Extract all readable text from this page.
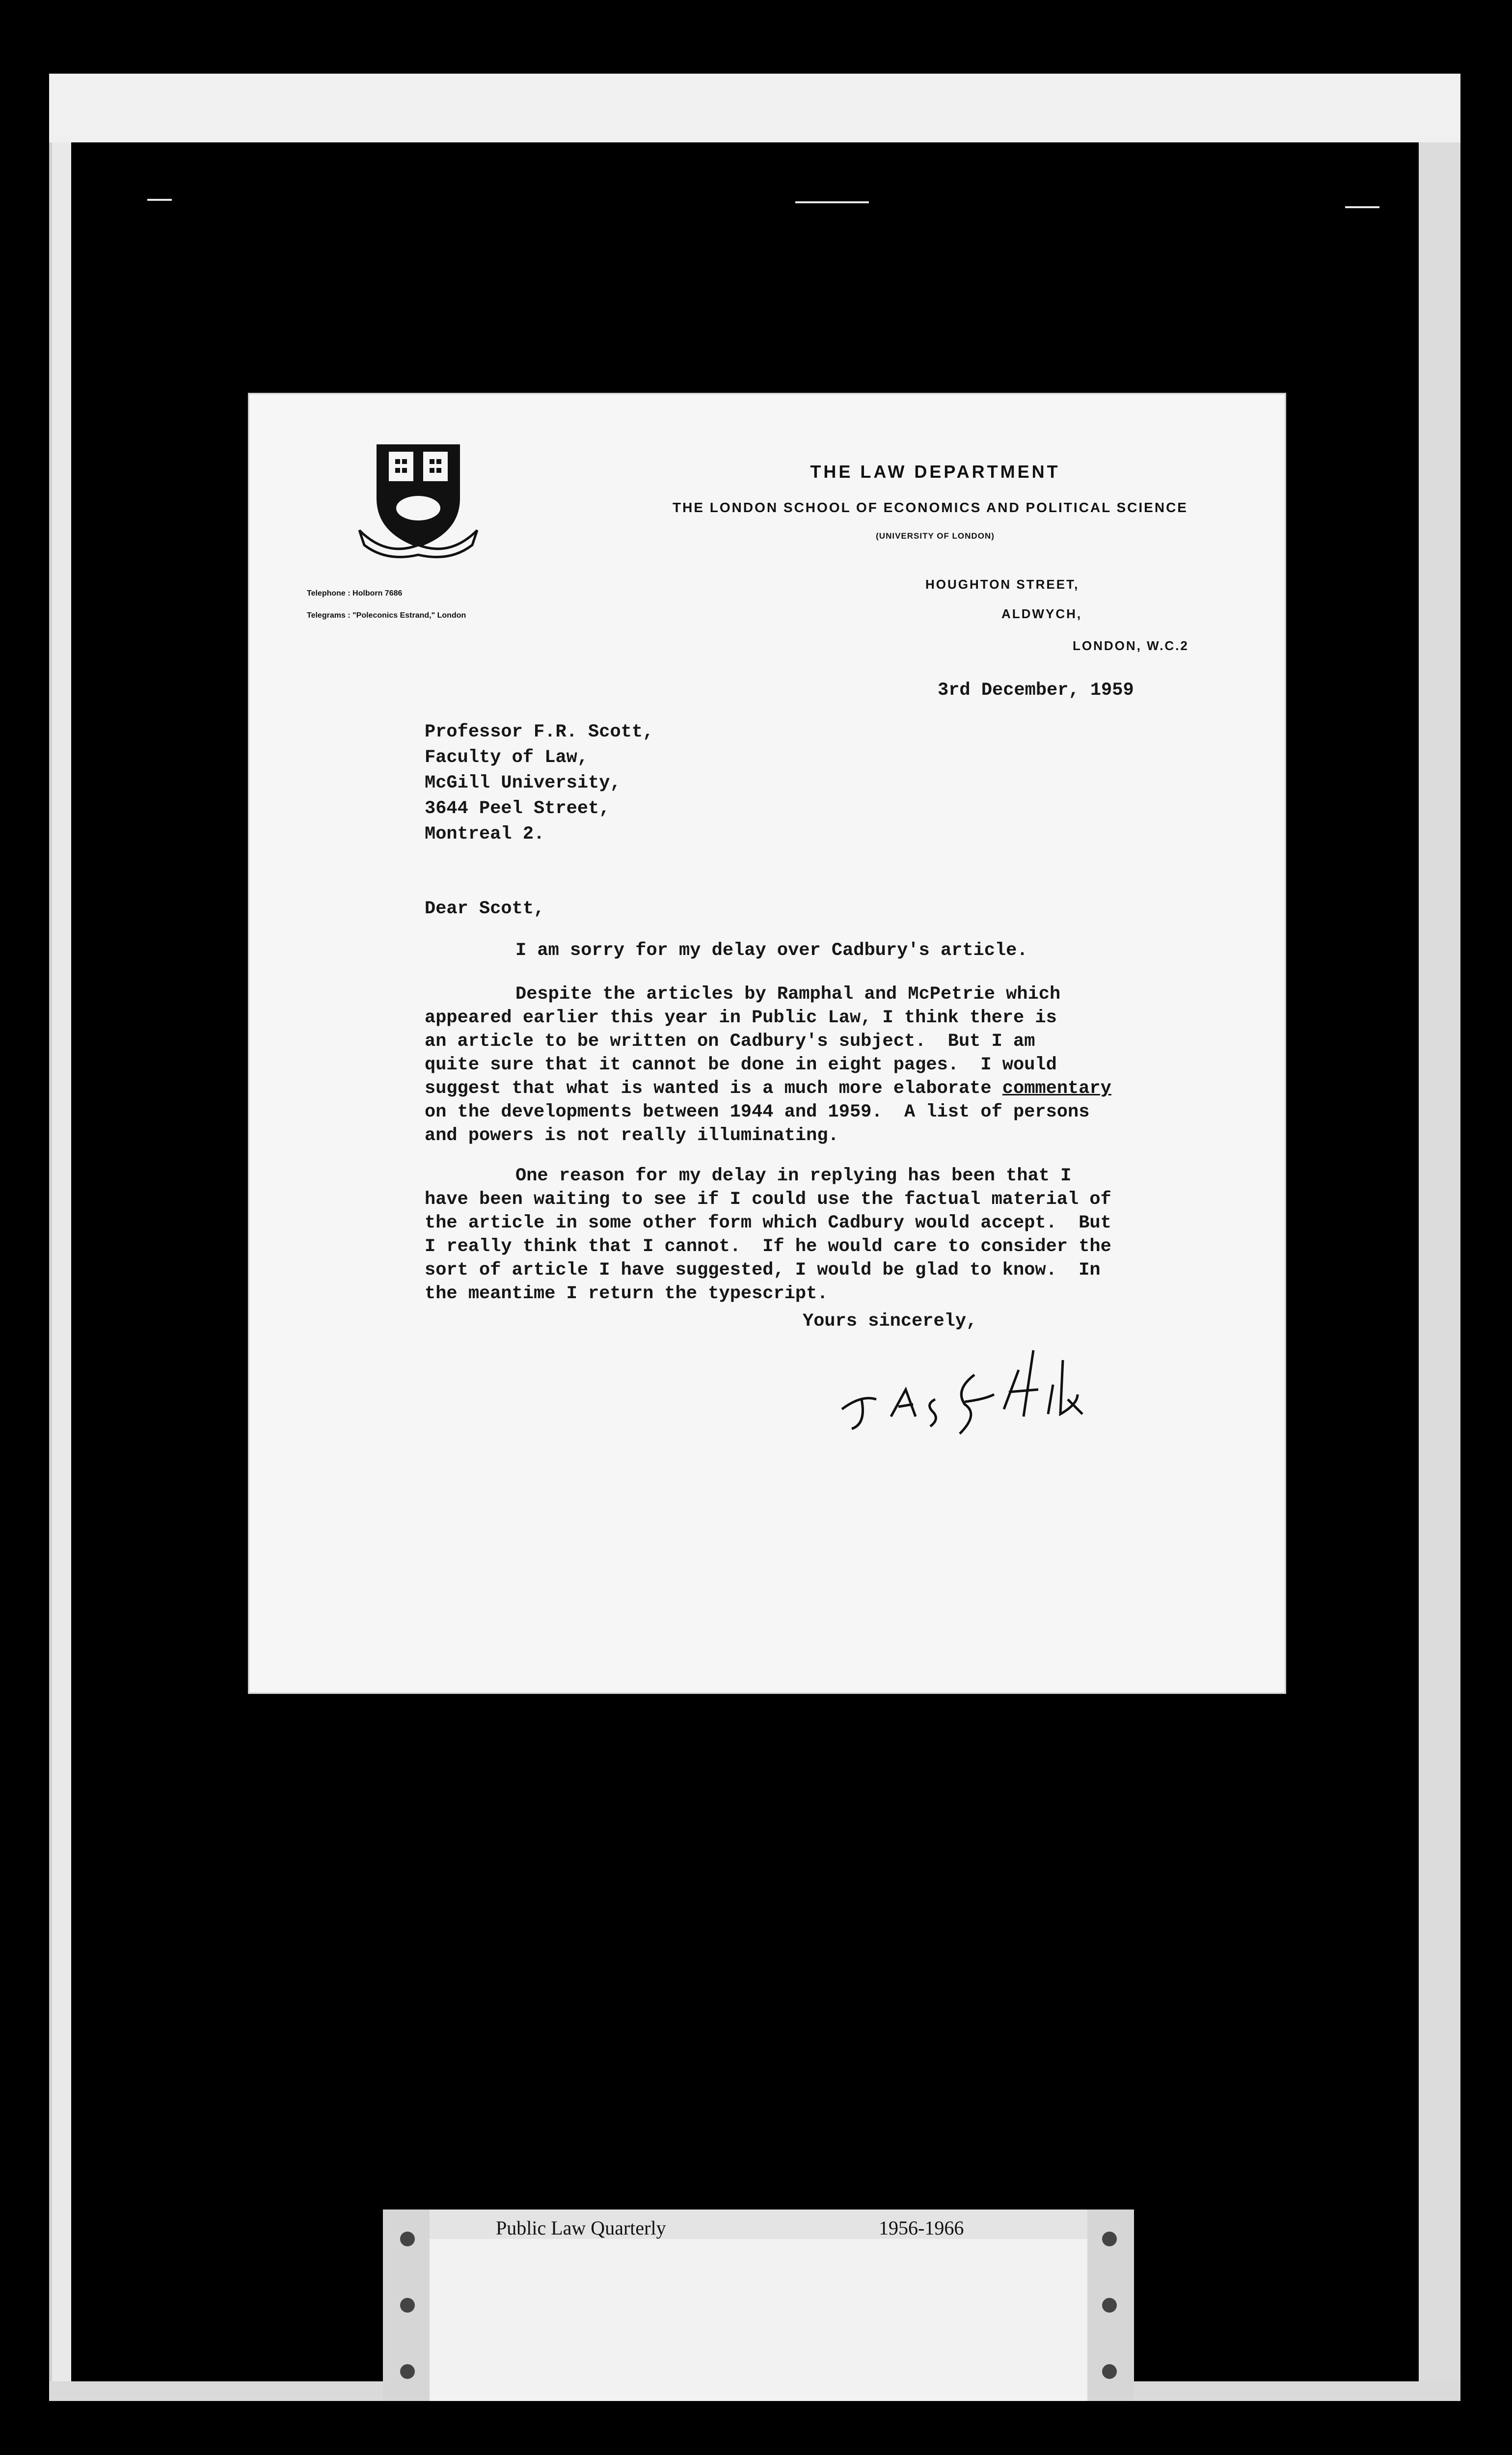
THE LAW DEPARTMENT
THE LONDON SCHOOL OF ECONOMICS AND POLITICAL SCIENCE
(UNIVERSITY OF LONDON)
Telephone : Holborn 7686
Telegrams : "Poleconics Estrand," London
HOUGHTON STREET,
ALDWYCH,
LONDON, W.C.2
3rd December, 1959
Professor F.R. Scott,
Faculty of Law,
McGill University,
3644 Peel Street,
Montreal 2.
Dear Scott,
I am sorry for my delay over Cadbury's article.
Despite the articles by Ramphal and McPetrie which
appeared earlier this year in Public Law, I think there is
an article to be written on Cadbury's subject.  But I am
quite sure that it cannot be done in eight pages.  I would
suggest that what is wanted is a much more elaborate commentary
on the developments between 1944 and 1959.  A list of persons
and powers is not really illuminating.
One reason for my delay in replying has been that I
have been waiting to see if I could use the factual material of
the article in some other form which Cadbury would accept.  But
I really think that I cannot.  If he would care to consider the
sort of article I have suggested, I would be glad to know.  In
the meantime I return the typescript.
Yours sincerely,
Public Law Quarterly	1956-1966
